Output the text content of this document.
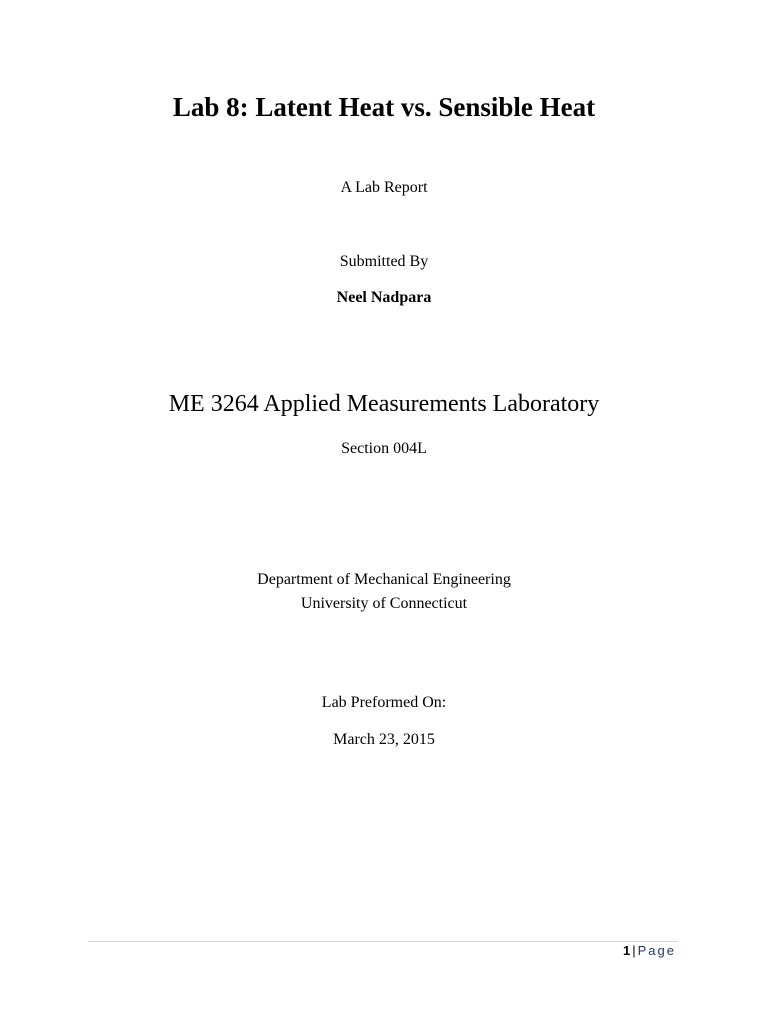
Lab 8: Latent Heat vs. Sensible Heat
A Lab Report
Submitted By
Neel Nadpara
ME 3264 Applied Measurements Laboratory
Section 004L
Department of Mechanical Engineering
University of Connecticut
Lab Preformed On:
March 23, 2015
1 | Page
